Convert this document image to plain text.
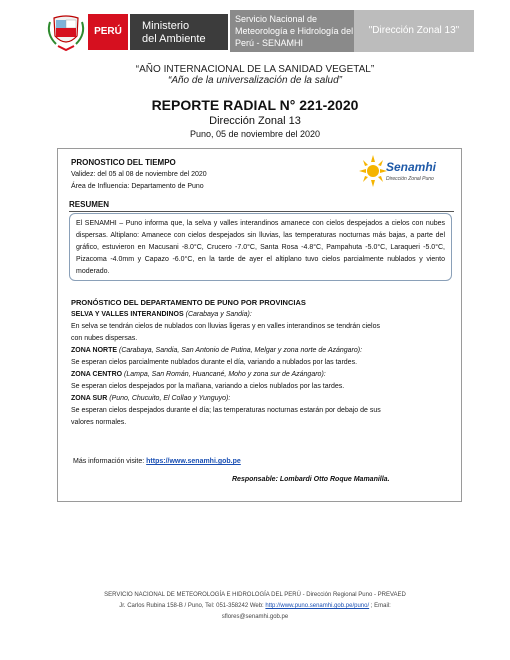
PERÚ	Ministerio
del Ambiente
Servicio Nacional de
Meteorología e Hidrología del
Perú - SENAMHI
"Dirección Zonal 13"
“AÑO INTERNACIONAL DE LA SANIDAD VEGETAL”
“Año de la universalización de la salud”
REPORTE RADIAL N° 221-2020
Dirección Zonal 13
Puno, 05 de noviembre del 2020
Senamhi
Dirección Zonal Puno
PRONOSTICO DEL TIEMPO
Validez: del 05 al 08 de noviembre del 2020
Área de Influencia: Departamento de Puno
RESUMEN
El SENAMHI – Puno informa que, la selva y valles interandinos amanece con cielos despejados a cielos con nubes dispersas. Altiplano: Amanece con cielos despejados sin lluvias, las temperaturas nocturnas más bajas, a parte del gráfico, estuvieron en Macusani -8.0°C, Crucero -7.0°C, Santa Rosa -4.8°C, Pampahuta -5.0°C, Laraqueri -5.0°C, Pizacoma -4.0mm y Capazo -6.0°C, en la tarde de ayer el altiplano tuvo cielos parcialmente nublados y viento moderado.
PRONÓSTICO DEL DEPARTAMENTO DE PUNO POR PROVINCIAS
SELVA Y VALLES INTERANDINOS (Carabaya y Sandia):
En selva se tendrán cielos de nublados con lluvias ligeras y en valles interandinos se tendrán cielos
con nubes dispersas.
ZONA NORTE (Carabaya, Sandia, San Antonio de Putina, Melgar y zona norte de Azángaro):
Se esperan cielos parcialmente nublados durante el día, variando a nublados por las tardes.
ZONA CENTRO (Lampa, San Román, Huancané, Moho y zona sur de Azángaro):
Se esperan cielos despejados por la mañana, variando a cielos nublados por las tardes.
ZONA SUR (Puno, Chucuito, El Collao y Yunguyo):
Se esperan cielos despejados durante el día; las temperaturas nocturnas estarán por debajo de sus
valores normales.
Más información visite: https://www.senamhi.gob.pe
Responsable: Lombardi Otto Roque Mamanilla.
SERVICIO NACIONAL DE METEOROLOGÍA E HIDROLOGÍA DEL PERÚ - Dirección Regional Puno - PREVAED
Jr. Carlos Rubina 158-B / Puno, Tel: 051-358242 Web: http://www.puno.senamhi.gob.pe/puno/ ; Email:
sflores@senamhi.gob.pe
